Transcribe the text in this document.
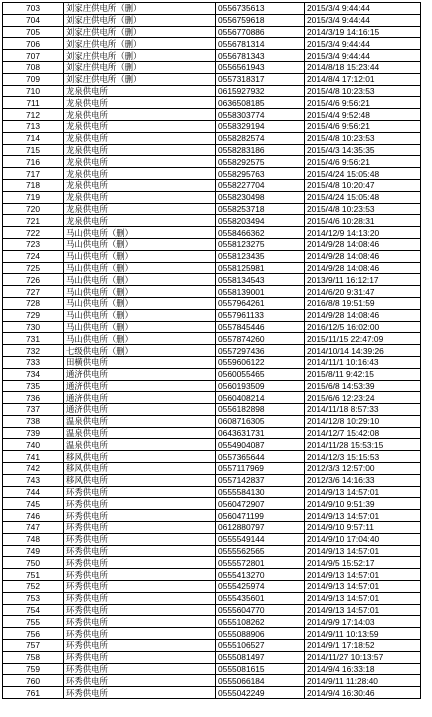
703	刘家庄供电所（删）	0556735613	2015/3/4 9:44:44
704	刘家庄供电所（删）	0556759618	2015/3/4 9:44:44
705	刘家庄供电所（删）	0556770886	2014/3/19 14:16:15
706	刘家庄供电所（删）	0556781314	2015/3/4 9:44:44
707	刘家庄供电所（删）	0556781343	2015/3/4 9:44:44
708	刘家庄供电所（删）	0556561943	2014/8/18 15:23:44
709	刘家庄供电所（删）	0557318317	2014/8/4 17:12:01
710	龙泉供电所	0615927932	2015/4/8 10:23:53
711	龙泉供电所	0636508185	2015/4/6 9:56:21
712	龙泉供电所	0558303774	2015/4/4 9:52:48
713	龙泉供电所	0558329194	2015/4/6 9:56:21
714	龙泉供电所	0558282574	2015/4/8 10:23:53
715	龙泉供电所	0558283186	2015/4/3 14:35:35
716	龙泉供电所	0558292575	2015/4/6 9:56:21
717	龙泉供电所	0558295763	2015/4/24 15:05:48
718	龙泉供电所	0558227704	2015/4/8 10:20:47
719	龙泉供电所	0558230498	2015/4/24 15:05:48
720	龙泉供电所	0558253718	2015/4/8 10:23:53
721	龙泉供电所	0558203494	2015/4/6 10:28:31
722	马山供电所（删）	0558466362	2014/12/9 14:13:20
723	马山供电所（删）	0558123275	2014/9/28 14:08:46
724	马山供电所（删）	0558123435	2014/9/28 14:08:46
725	马山供电所（删）	0558125981	2014/9/28 14:08:46
726	马山供电所（删）	0558134543	2013/9/11 16:12:17
727	马山供电所（删）	0558139001	2014/6/20 9:31:47
728	马山供电所（删）	0557964261	2016/8/8 19:51:59
729	马山供电所（删）	0557961133	2014/9/28 14:08:46
730	马山供电所（删）	0557845446	2016/12/5 16:02:00
731	马山供电所（删）	0557874260	2015/11/15 22:47:09
732	七级供电所（删）	0557297436	2014/10/14 14:39:26
733	田横供电所	0559606122	2014/11/1 10:16:43
734	通济供电所	0560055465	2015/8/11 9:42:15
735	通济供电所	0560193509	2015/6/8 14:53:39
736	通济供电所	0560408214	2015/6/6 12:23:24
737	通济供电所	0556182898	2014/11/18 8:57:33
738	温泉供电所	0608716305	2014/12/8 10:29:10
739	温泉供电所	0643631731	2014/12/7 15:42:08
740	温泉供电所	0554904087	2014/11/28 15:53:15
741	移风供电所	0557365644	2014/12/3 15:15:53
742	移风供电所	0557117969	2012/3/3 12:57:00
743	移风供电所	0557142837	2012/3/6 14:16:33
744	环秀供电所	0555584130	2014/9/13 14:57:01
745	环秀供电所	0560472907	2014/9/10 9:51:39
746	环秀供电所	0560471199	2014/9/13 14:57:01
747	环秀供电所	0612880797	2014/9/10 9:57:11
748	环秀供电所	0555549144	2014/9/10 17:04:40
749	环秀供电所	0555562565	2014/9/13 14:57:01
750	环秀供电所	0555572801	2014/9/5 15:52:17
751	环秀供电所	0555413270	2014/9/13 14:57:01
752	环秀供电所	0555425974	2014/9/13 14:57:01
753	环秀供电所	0555435601	2014/9/13 14:57:01
754	环秀供电所	0555604770	2014/9/13 14:57:01
755	环秀供电所	0555108262	2014/9/9 17:14:03
756	环秀供电所	0555088906	2014/9/11 10:13:59
757	环秀供电所	0555106527	2014/9/1 17:18:52
758	环秀供电所	0555081497	2014/11/27 10:13:57
759	环秀供电所	0555081615	2014/9/4 16:33:18
760	环秀供电所	0555066184	2014/9/11 11:28:40
761	环秀供电所	0555042249	2014/9/4 16:30:46
